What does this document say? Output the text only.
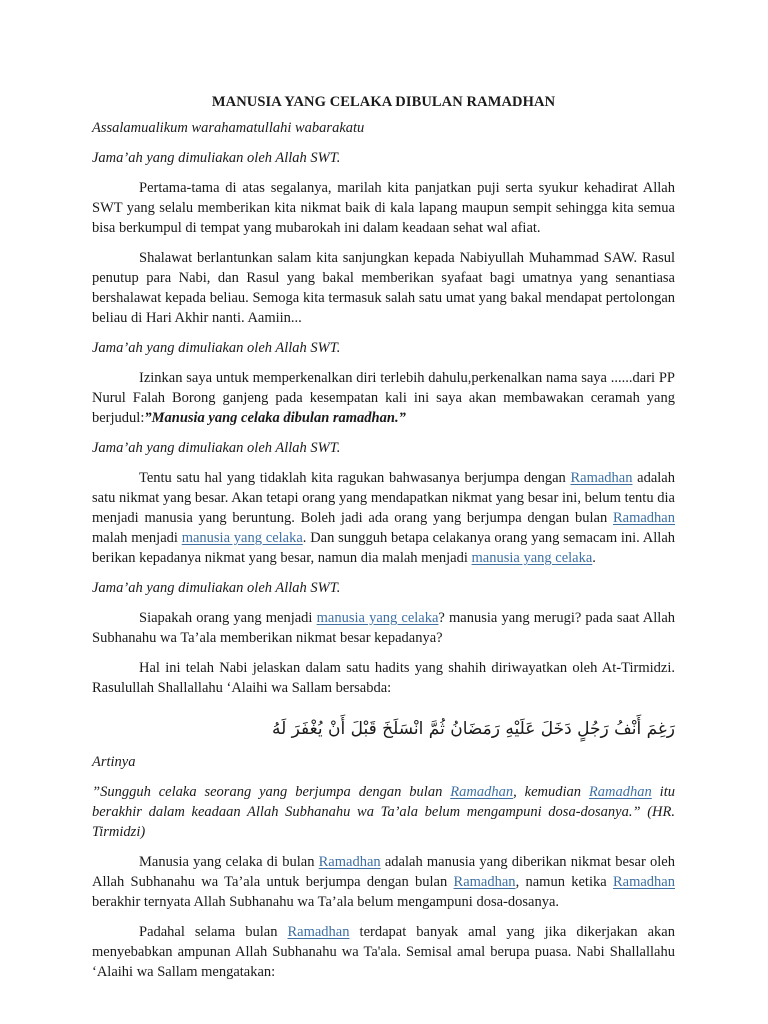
MANUSIA YANG CELAKA DIBULAN RAMADHAN

Assalamualikum warahamatullahi wabarakatu

Jama’ah yang dimuliakan oleh Allah SWT.

Pertama-tama di atas segalanya, marilah kita panjatkan puji serta syukur kehadirat Allah SWT yang selalu memberikan kita nikmat baik di kala lapang maupun sempit sehingga kita semua bisa berkumpul di tempat yang mubarokah ini dalam keadaan sehat wal afiat.

Shalawat berlantunkan salam kita sanjungkan kepada Nabiyullah Muhammad SAW. Rasul penutup para Nabi, dan Rasul yang bakal memberikan syafaat bagi umatnya yang senantiasa bershalawat kepada beliau. Semoga kita termasuk salah satu umat yang bakal mendapat pertolongan beliau di Hari Akhir nanti. Aamiin...

Jama’ah yang dimuliakan oleh Allah SWT.

Izinkan saya untuk memperkenalkan diri terlebih dahulu,perkenalkan nama saya ......dari PP Nurul Falah Borong ganjeng pada kesempatan kali ini saya akan membawakan ceramah yang berjudul:”Manusia yang celaka dibulan ramadhan.”

Jama’ah yang dimuliakan oleh Allah SWT.

Tentu satu hal yang tidaklah kita ragukan bahwasanya berjumpa dengan Ramadhan adalah satu nikmat yang besar. Akan tetapi orang yang mendapatkan nikmat yang besar ini, belum tentu dia menjadi manusia yang beruntung. Boleh jadi ada orang yang berjumpa dengan bulan Ramadhan malah menjadi manusia yang celaka. Dan sungguh betapa celakanya orang yang semacam ini. Allah berikan kepadanya nikmat yang besar, namun dia malah menjadi manusia yang celaka.

Jama’ah yang dimuliakan oleh Allah SWT.

Siapakah orang yang menjadi manusia yang celaka? manusia yang merugi? pada saat Allah Subhanahu wa Ta’ala memberikan nikmat besar kepadanya?

Hal ini telah Nabi jelaskan dalam satu hadits yang shahih diriwayatkan oleh At-Tirmidzi. Rasulullah Shallallahu ‘Alaihi wa Sallam bersabda:

رَغِمَ أَنْفُ رَجُلٍ دَخَلَ عَلَيْهِ رَمَضَانُ ثُمَّ انْسَلَخَ قَبْلَ أَنْ يُغْفَرَ لَهُ

Artinya

”Sungguh celaka seorang yang berjumpa dengan bulan Ramadhan, kemudian Ramadhan itu berakhir dalam keadaan Allah Subhanahu wa Ta’ala belum mengampuni dosa-dosanya.” (HR. Tirmidzi)

Manusia yang celaka di bulan Ramadhan adalah manusia yang diberikan nikmat besar oleh Allah Subhanahu wa Ta’ala untuk berjumpa dengan bulan Ramadhan, namun ketika Ramadhan berakhir ternyata Allah Subhanahu wa Ta’ala belum mengampuni dosa-dosanya.

Padahal selama bulan Ramadhan terdapat banyak amal yang jika dikerjakan akan menyebabkan ampunan Allah Subhanahu wa Ta'ala. Semisal amal berupa puasa. Nabi Shallallahu ‘Alaihi wa Sallam mengatakan:
